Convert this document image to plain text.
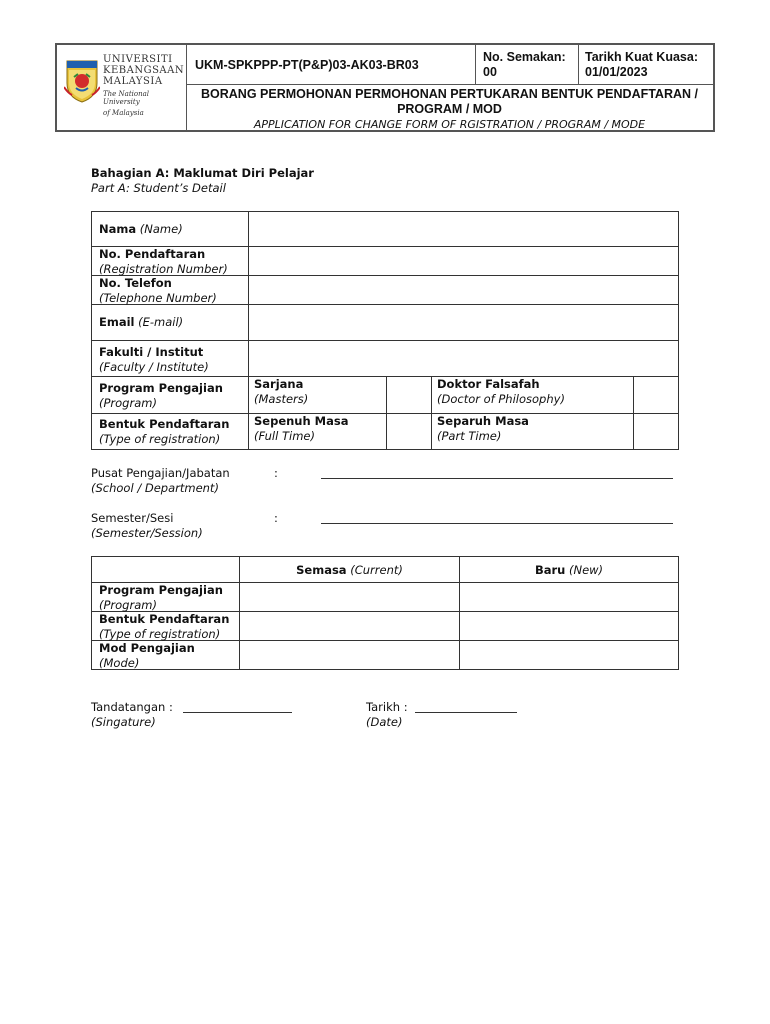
UNIVERSITI
KEBANGSAAN
MALAYSIA
The National University
of Malaysia
UKM-SPKPPP-PT(P&P)03-AK03-BR03
No. Semakan:
00
Tarikh Kuat Kuasa:
01/01/2023
BORANG PERMOHONAN PERMOHONAN PERTUKARAN BENTUK PENDAFTARAN /
PROGRAM / MOD
APPLICATION FOR CHANGE FORM OF RGISTRATION / PROGRAM / MODE
Bahagian A: Maklumat Diri Pelajar
Part A: Student’s Detail
Nama (Name)
No. Pendaftaran
(Registration Number)
No. Telefon
(Telephone Number)
Email (E-mail)
Fakulti / Institut
(Faculty / Institute)
Program Pengajian
(Program)
Sarjana
(Masters)
Doktor Falsafah
(Doctor of Philosophy)
Bentuk Pendaftaran
(Type of registration)
Sepenuh Masa
(Full Time)
Separuh Masa
(Part Time)
Pusat Pengajian/Jabatan
(School / Department)
:
Semester/Sesi
(Semester/Session)
:
Semasa (Current)	Baru (New)
Program Pengajian
(Program)
Bentuk Pendaftaran
(Type of registration)
Mod Pengajian
(Mode)
Tandatangan :
(Singature)
Tarikh :
(Date)
